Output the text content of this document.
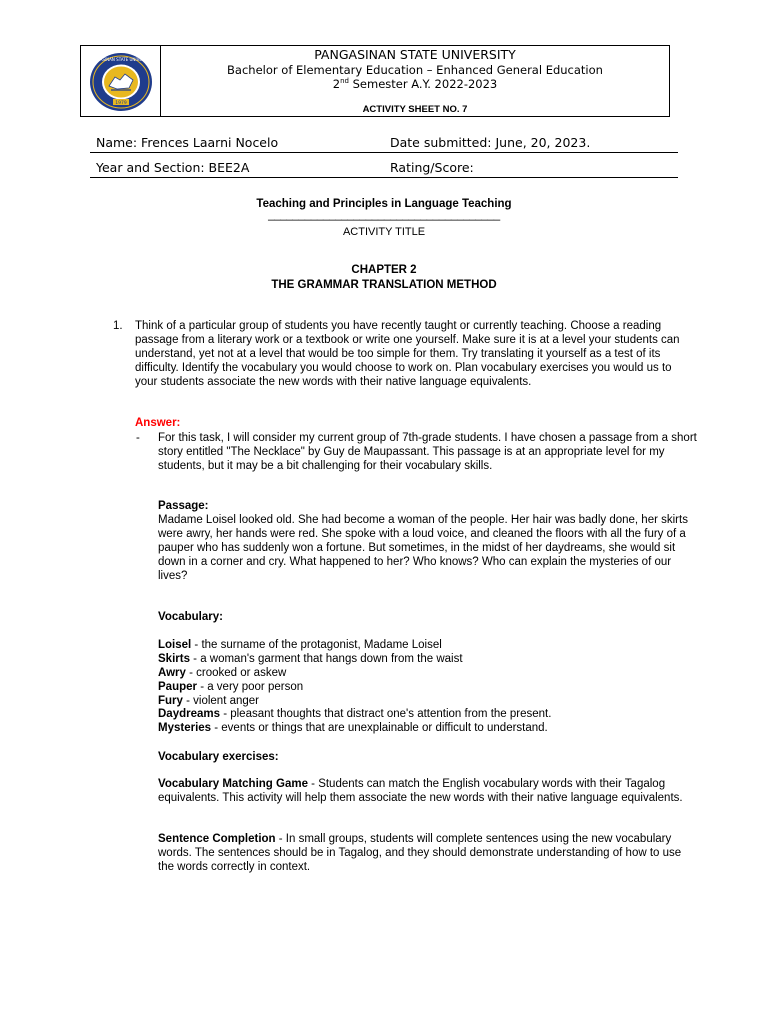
1979
PANGASINAN STATE UNIVERSITY	PANGASINAN STATE UNIVERSITY
Bachelor of Elementary Education – Enhanced General Education
2nd Semester A.Y. 2022-2023
ACTIVITY SHEET NO. 7
Name: Frences Laarni Nocelo	Date submitted: June, 20, 2023.
Year and Section: BEE2A	Rating/Score:
Teaching and Principles in Language Teaching
______________________________________
ACTIVITY TITLE
CHAPTER 2
THE GRAMMAR TRANSLATION METHOD
1. Think of a particular group of students you have recently taught or currently teaching. Choose a reading passage from a literary work or a textbook or write one yourself. Make sure it is at a level your students can understand, yet not at a level that would be too simple for them. Try translating it yourself as a test of its difficulty. Identify the vocabulary you would choose to work on. Plan vocabulary exercises you would us to your students associate the new words with their native language equivalents.
Answer:
- For this task, I will consider my current group of 7th-grade students. I have chosen a passage from a short story entitled "The Necklace" by Guy de Maupassant. This passage is at an appropriate level for my students, but it may be a bit challenging for their vocabulary skills.
Passage:
Madame Loisel looked old. She had become a woman of the people. Her hair was badly done, her skirts were awry, her hands were red. She spoke with a loud voice, and cleaned the floors with all the fury of a pauper who has suddenly won a fortune. But sometimes, in the midst of her daydreams, she would sit down in a corner and cry. What happened to her? Who knows? Who can explain the mysteries of our lives?
Vocabulary:
Loisel - the surname of the protagonist, Madame Loisel
Skirts - a woman's garment that hangs down from the waist
Awry - crooked or askew
Pauper - a very poor person
Fury - violent anger
Daydreams - pleasant thoughts that distract one's attention from the present.
Mysteries - events or things that are unexplainable or difficult to understand.
Vocabulary exercises:
Vocabulary Matching Game - Students can match the English vocabulary words with their Tagalog equivalents. This activity will help them associate the new words with their native language equivalents.
Sentence Completion - In small groups, students will complete sentences using the new vocabulary words. The sentences should be in Tagalog, and they should demonstrate understanding of how to use the words correctly in context.
